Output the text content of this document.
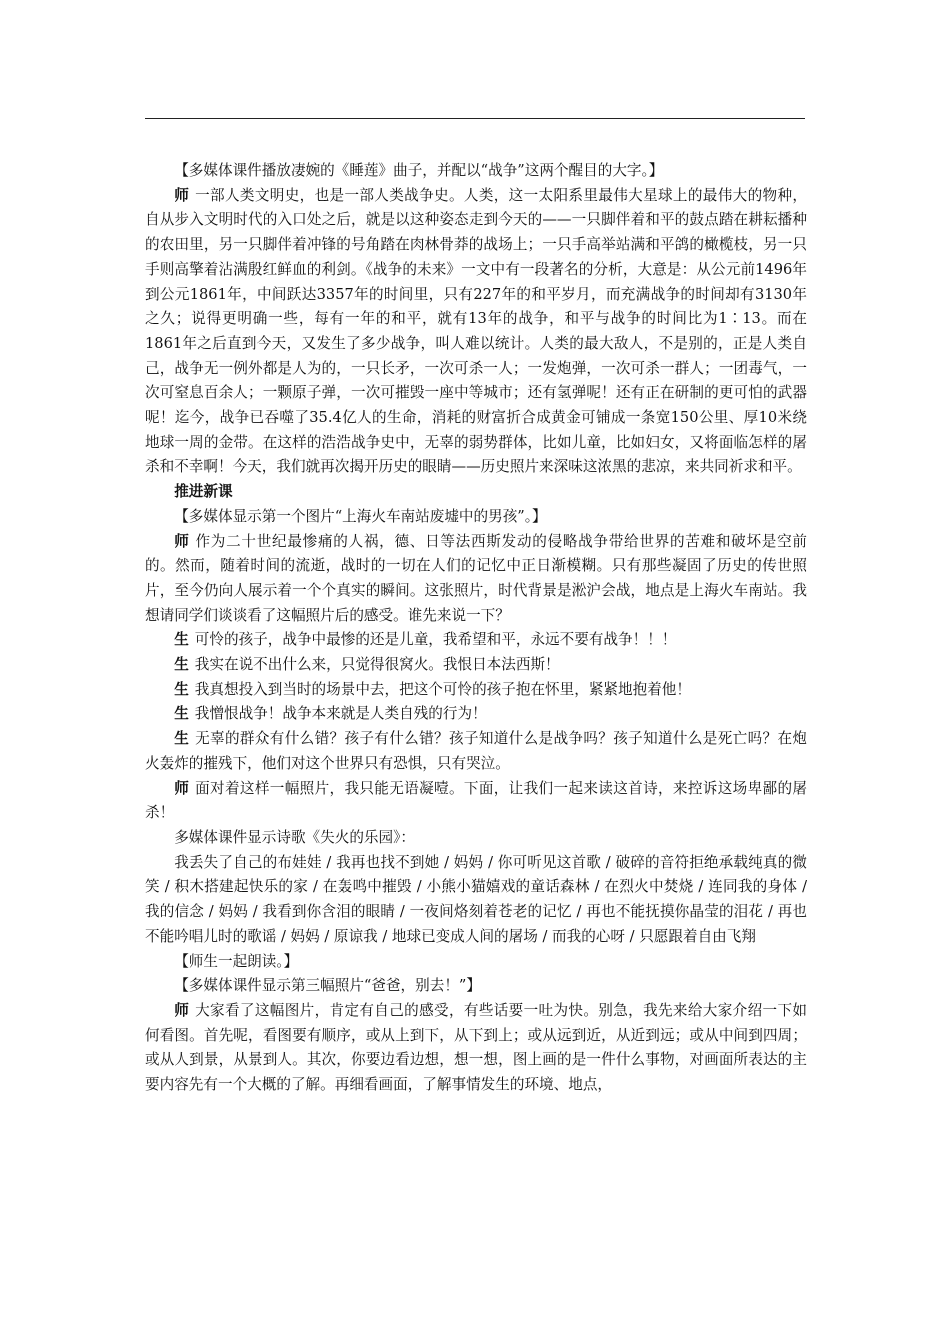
【多媒体课件播放凄婉的《睡莲》曲子，并配以“战争”这两个醒目的大字。】

师 一部人类文明史，也是一部人类战争史。人类，这一太阳系里最伟大星球上的最伟大的物种，自从步入文明时代的入口处之后，就是以这种姿态走到今天的——一只脚伴着和平的鼓点踏在耕耘播种的农田里，另一只脚伴着冲锋的号角踏在肉林骨莽的战场上；一只手高举站满和平鸽的橄榄枝，另一只手则高擎着沾满殷红鲜血的利剑。《战争的未来》一文中有一段著名的分析，大意是：从公元前1496年到公元1861年，中间跃达3357年的时间里，只有227年的和平岁月，而充满战争的时间却有3130年之久；说得更明确一些，每有一年的和平，就有13年的战争，和平与战争的时间比为1∶13。而在1861年之后直到今天，又发生了多少战争，叫人难以统计。人类的最大敌人，不是别的，正是人类自己，战争无一例外都是人为的，一只长矛，一次可杀一人；一发炮弹，一次可杀一群人；一团毒气，一次可窒息百余人；一颗原子弹，一次可摧毁一座中等城市；还有氢弹呢！还有正在研制的更可怕的武器呢！迄今，战争已吞噬了35.4亿人的生命，消耗的财富折合成黄金可铺成一条宽150公里、厚10米绕地球一周的金带。在这样的浩浩战争史中，无辜的弱势群体，比如儿童，比如妇女，又将面临怎样的屠杀和不幸啊！今天，我们就再次揭开历史的眼睛——历史照片来深味这浓黑的悲凉，来共同祈求和平。

推进新课

【多媒体显示第一个图片“上海火车南站废墟中的男孩”。】

师 作为二十世纪最惨痛的人祸，德、日等法西斯发动的侵略战争带给世界的苦难和破坏是空前的。然而，随着时间的流逝，战时的一切在人们的记忆中正日渐模糊。只有那些凝固了历史的传世照片，至今仍向人展示着一个个真实的瞬间。这张照片，时代背景是淞沪会战，地点是上海火车南站。我想请同学们谈谈看了这幅照片后的感受。谁先来说一下？

生 可怜的孩子，战争中最惨的还是儿童，我希望和平，永远不要有战争！！！

生 我实在说不出什么来，只觉得很窝火。我恨日本法西斯！

生 我真想投入到当时的场景中去，把这个可怜的孩子抱在怀里，紧紧地抱着他！

生 我憎恨战争！战争本来就是人类自残的行为！

生 无辜的群众有什么错？孩子有什么错？孩子知道什么是战争吗？孩子知道什么是死亡吗？在炮火轰炸的摧残下，他们对这个世界只有恐惧，只有哭泣。

师 面对着这样一幅照片，我只能无语凝噎。下面，让我们一起来读这首诗，来控诉这场卑鄙的屠杀！

多媒体课件显示诗歌《失火的乐园》：

我丢失了自己的布娃娃 / 我再也找不到她 / 妈妈 / 你可听见这首歌 / 破碎的音符拒绝承载纯真的微笑 / 积木搭建起快乐的家 / 在轰鸣中摧毁 / 小熊小猫嬉戏的童话森林 / 在烈火中焚烧 / 连同我的身体 / 我的信念 / 妈妈 / 我看到你含泪的眼睛 / 一夜间烙刻着苍老的记忆 / 再也不能抚摸你晶莹的泪花 / 再也不能吟唱儿时的歌谣 / 妈妈 / 原谅我 / 地球已变成人间的屠场 / 而我的心呀 / 只愿跟着自由飞翔

【师生一起朗读。】

【多媒体课件显示第三幅照片“爸爸，别去！”】

师 大家看了这幅图片，肯定有自己的感受，有些话要一吐为快。别急，我先来给大家介绍一下如何看图。首先呢，看图要有顺序，或从上到下，从下到上；或从远到近，从近到远；或从中间到四周；或从人到景，从景到人。其次，你要边看边想，想一想，图上画的是一件什么事物，对画面所表达的主要内容先有一个大概的了解。再细看画面，了解事情发生的环境、地点，
